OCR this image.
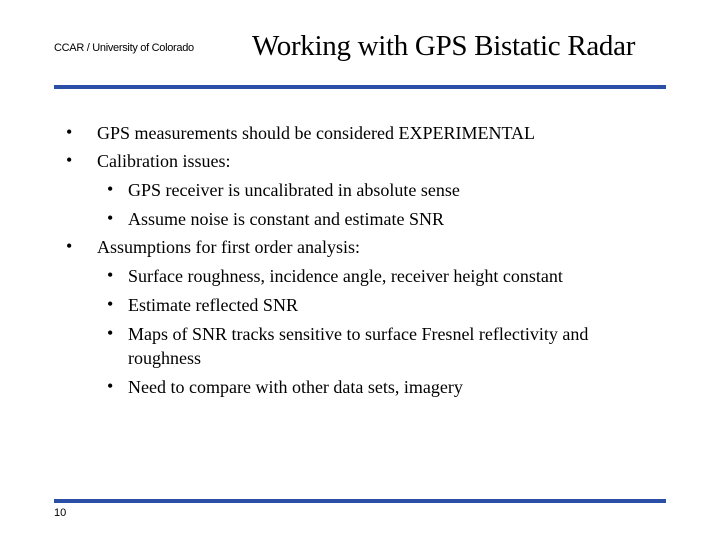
CCAR / University of Colorado Working with GPS Bistatic Radar
• GPS measurements should be considered EXPERIMENTAL
• Calibration issues:
• GPS receiver is uncalibrated in absolute sense
• Assume noise is constant and estimate SNR
• Assumptions for first order analysis:
• Surface roughness, incidence angle, receiver height constant
• Estimate reflected SNR
• Maps of SNR tracks sensitive to surface Fresnel reflectivity and
roughness
• Need to compare with other data sets, imagery
10
